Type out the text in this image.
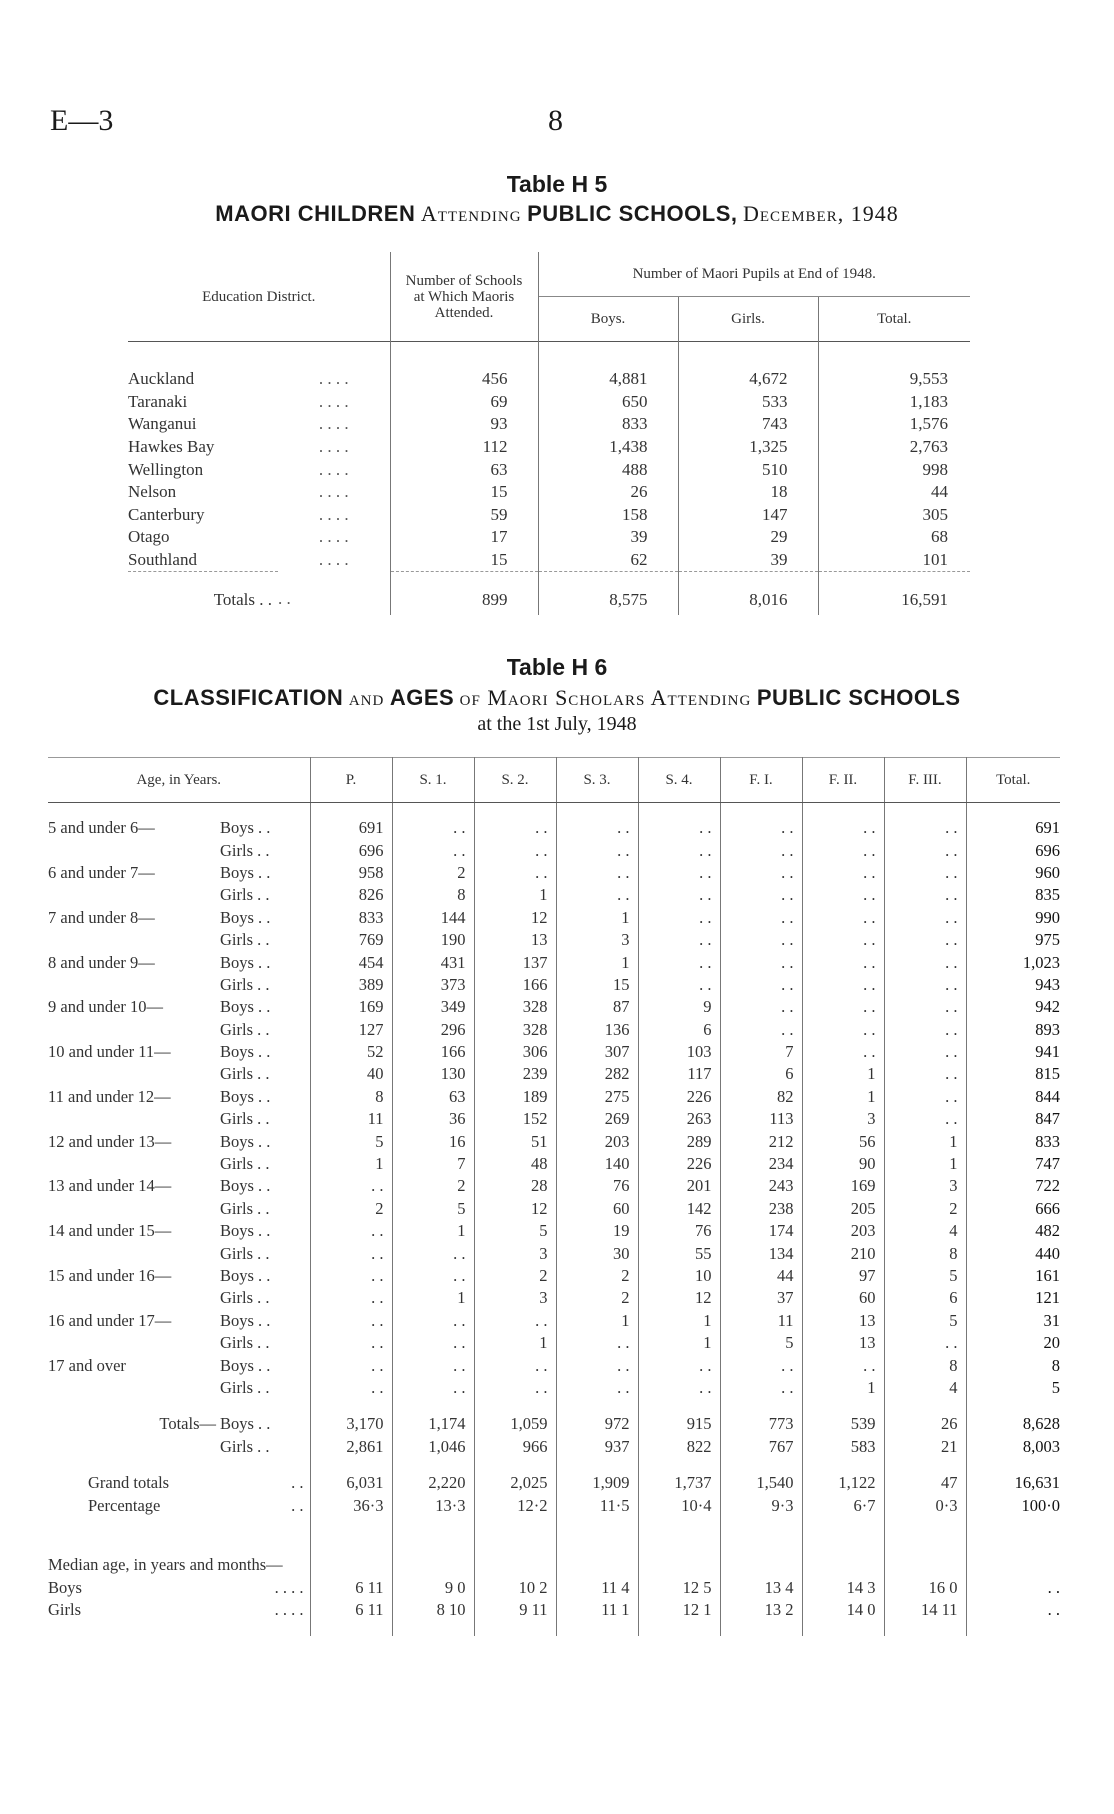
E—3	8
Table H 5
MAORI CHILDREN Attending PUBLIC SCHOOLS, December, 1948
Education District.		Number of Schools at Which Maoris Attended.	Number of Maori Pupils at End of 1948.		
			Boys.	Girls.	Total.
Auckland	. . . .	456	4,881	4,672	9,553
Taranaki	. . . .	69	650	533	1,183
Wanganui	. . . .	93	833	743	1,576
Hawkes Bay	. . . .	112	1,438	1,325	2,763
Wellington	. . . .	63	488	510	998
Nelson	. . . .	15	26	18	44
Canterbury	. . . .	59	158	147	305
Otago	. . . .	17	39	29	68
Southland	. . . .	15	62	39	101
Totals . .	. .	899	8,575	8,016	16,591
Table H 6
CLASSIFICATION and AGES of Maori Scholars Attending PUBLIC SCHOOLS
at the 1st July, 1948
Age, in Years.		P.	S. 1.	S. 2.	S. 3.	S. 4.	F. I.	F. II.	F. III.	Total.

5 and under 6—	Boys . .	691	. .	. .	. .	. .	. .	. .	. .	691
	Girls . .	696	. .	. .	. .	. .	. .	. .	. .	696
6 and under 7—	Boys . .	958	2	. .	. .	. .	. .	. .	. .	960
	Girls . .	826	8	1	. .	. .	. .	. .	. .	835
7 and under 8—	Boys . .	833	144	12	1	. .	. .	. .	. .	990
	Girls . .	769	190	13	3	. .	. .	. .	. .	975
8 and under 9—	Boys . .	454	431	137	1	. .	. .	. .	. .	1,023
	Girls . .	389	373	166	15	. .	. .	. .	. .	943
9 and under 10—	Boys . .	169	349	328	87	9	. .	. .	. .	942
	Girls . .	127	296	328	136	6	. .	. .	. .	893
10 and under 11—	Boys . .	52	166	306	307	103	7	. .	. .	941
	Girls . .	40	130	239	282	117	6	1	. .	815
11 and under 12—	Boys . .	8	63	189	275	226	82	1	. .	844
	Girls . .	11	36	152	269	263	113	3	. .	847
12 and under 13—	Boys . .	5	16	51	203	289	212	56	1	833
	Girls . .	1	7	48	140	226	234	90	1	747
13 and under 14—	Boys . .	. .	2	28	76	201	243	169	3	722
	Girls . .	2	5	12	60	142	238	205	2	666
14 and under 15—	Boys . .	. .	1	5	19	76	174	203	4	482
	Girls . .	. .	. .	3	30	55	134	210	8	440
15 and under 16—	Boys . .	. .	. .	2	2	10	44	97	5	161
	Girls . .	. .	1	3	2	12	37	60	6	121
16 and under 17—	Boys . .	. .	. .	. .	1	1	11	13	5	31
	Girls . .	. .	. .	1	. .	1	5	13	. .	20
17 and over	Boys . .	. .	. .	. .	. .	. .	. .	. .	8	8
	Girls . .	. .	. .	. .	. .	. .	. .	1	4	5

Totals—	Boys . .	3,170	1,174	1,059	972	915	773	539	26	8,628
	Girls . .	2,861	1,046	966	937	822	767	583	21	8,003

Grand totals	. .	6,031	2,220	2,025	1,909	1,737	1,540	1,122	47	16,631
Percentage	. .	36·3	13·3	12·2	11·5	10·4	9·3	6·7	0·3	100·0

Median age, in years and months—										
Boys	. . . .	6 11	9 0	10 2	11 4	12 5	13 4	14 3	16 0	. .
Girls	. . . .	6 11	8 10	9 11	11 1	12 1	13 2	14 0	14 11	. .
